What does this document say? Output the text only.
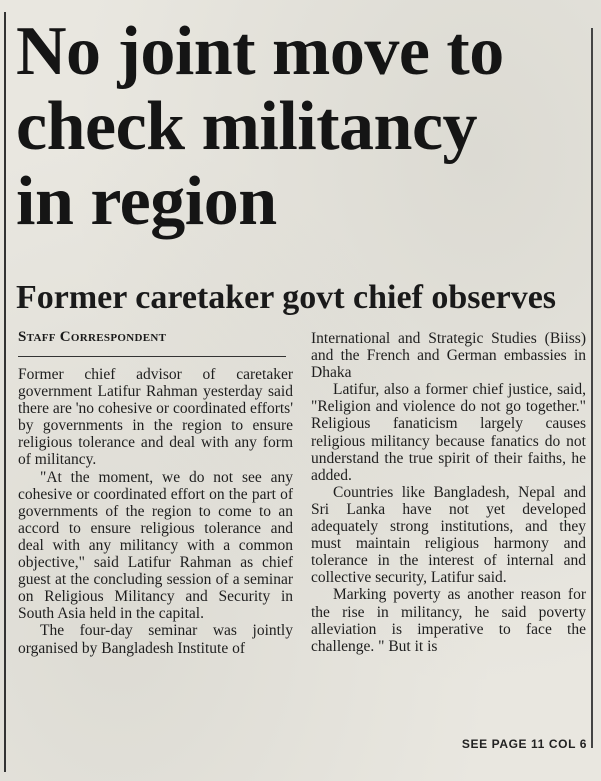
No joint move to
check militancy
in region
Former caretaker govt chief observes
Staff Correspondent

Former chief advisor of caretaker government Latifur Rahman yesterday said there are 'no cohesive or coordinated efforts' by governments in the region to ensure religious tolerance and deal with any form of militancy.

"At the moment, we do not see any cohesive or coordinated effort on the part of governments of the region to come to an accord to ensure religious tolerance and deal with any militancy with a common objective," said Latifur Rahman as chief guest at the concluding session of a seminar on Religious Militancy and Security in South Asia held in the capital.

The four-day seminar was jointly organised by Bangladesh Institute of

International and Strategic Studies (Biiss) and the French and German embassies in Dhaka

Latifur, also a former chief justice, said, "Religion and violence do not go together." Religious fanaticism largely causes religious militancy because fanatics do not understand the true spirit of their faiths, he added.

Countries like Bangladesh, Nepal and Sri Lanka have not yet developed adequately strong institutions, and they must maintain religious harmony and tolerance in the interest of internal and collective security, Latifur said.

Marking poverty as another reason for the rise in militancy, he said poverty alleviation is imperative to face the challenge. " But it is

SEE PAGE 11 COL 6
